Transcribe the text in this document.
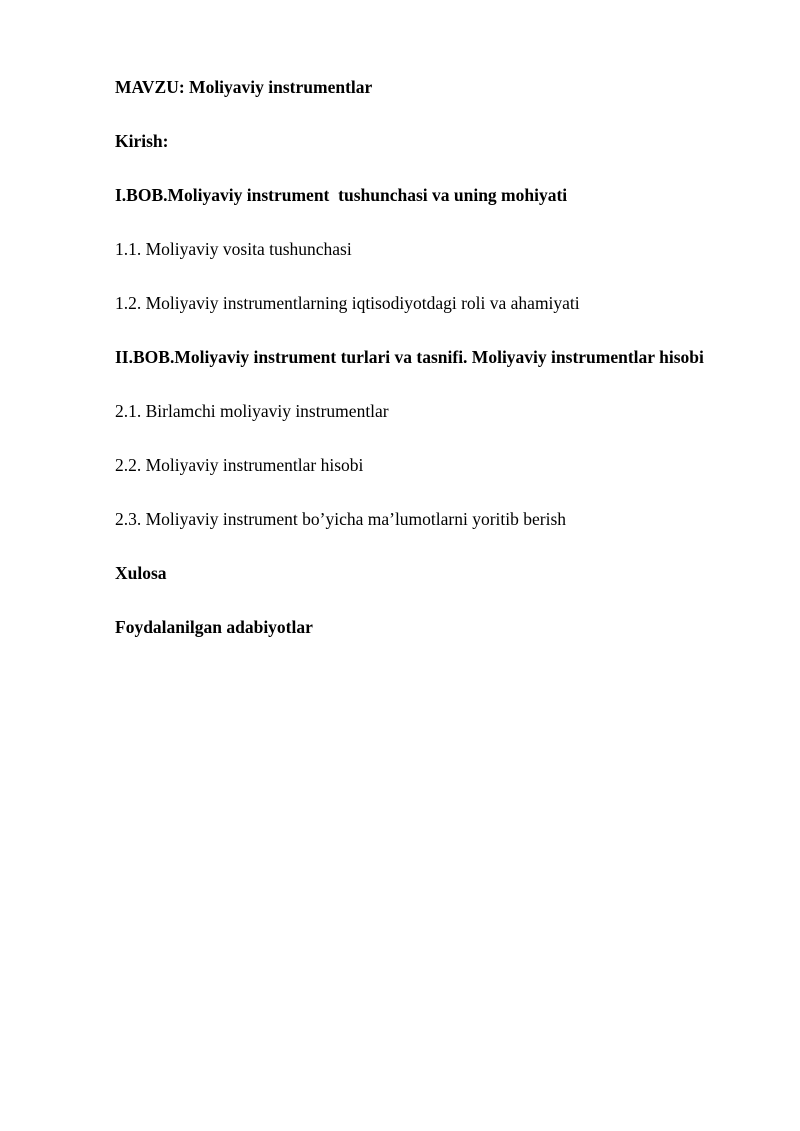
MAVZU: Moliyaviy instrumentlar
Kirish:
I.BOB.Moliyaviy instrument  tushunchasi va uning mohiyati
1.1. Moliyaviy vosita tushunchasi
1.2. Moliyaviy instrumentlarning iqtisodiyotdagi roli va ahamiyati
II.BOB.Moliyaviy instrument turlari va tasnifi. Moliyaviy instrumentlar hisobi
2.1. Birlamchi moliyaviy instrumentlar
2.2. Moliyaviy instrumentlar hisobi
2.3. Moliyaviy instrument bo’yicha ma’lumotlarni yoritib berish
Xulosa
Foydalanilgan adabiyotlar
